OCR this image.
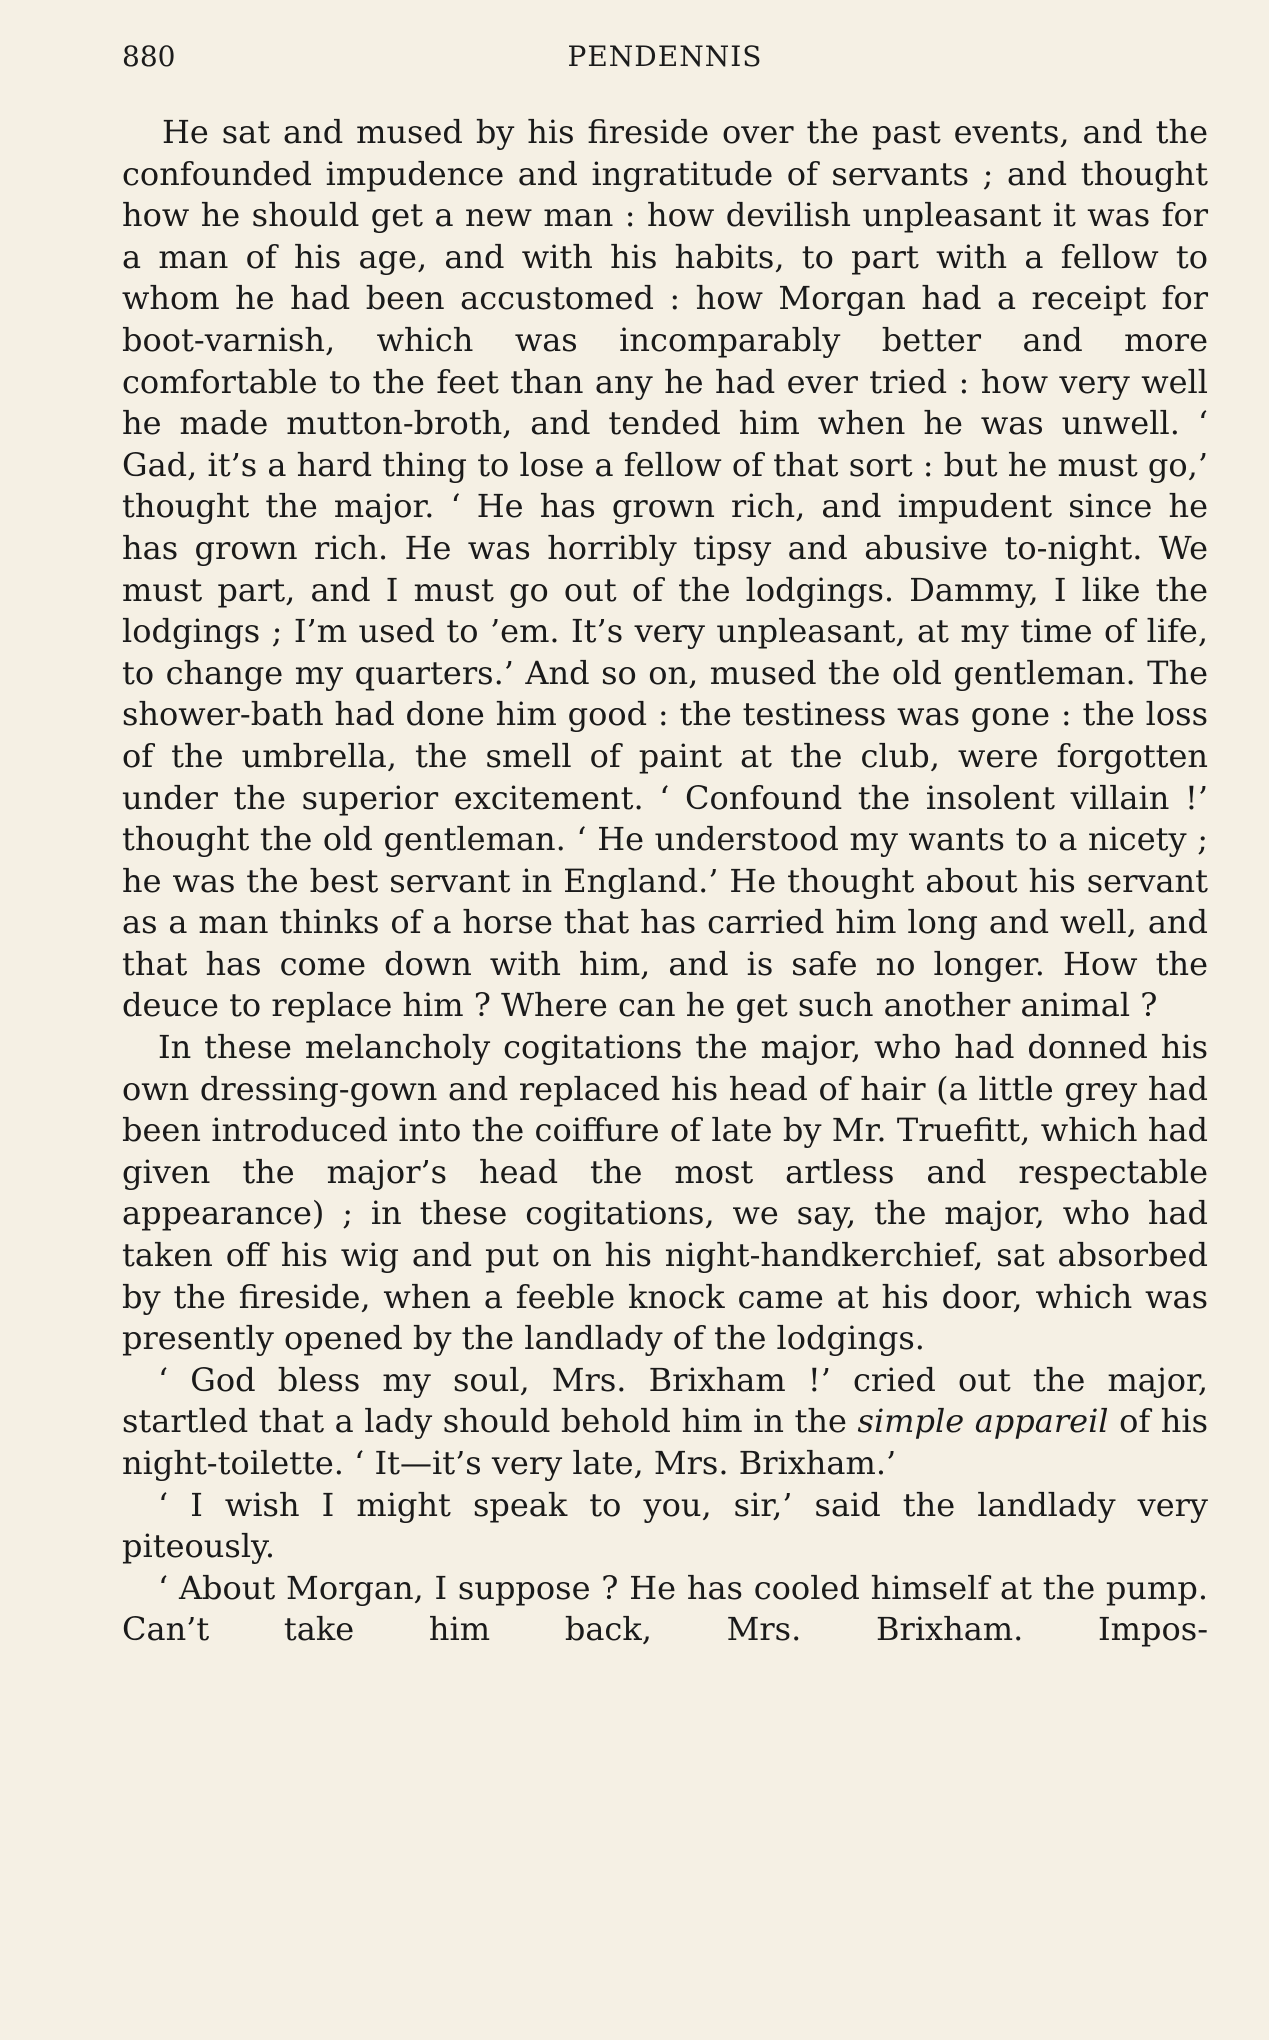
880	PENDENNIS

He sat and mused by his fireside over the past events, and the confounded impudence and ingratitude of servants ; and thought how he should get a new man : how devilish unpleasant it was for a man of his age, and with his habits, to part with a fellow to whom he had been accustomed : how Morgan had a receipt for boot-varnish, which was incomparably better and more comfortable to the feet than any he had ever tried : how very well he made mutton-broth, and tended him when he was unwell. ‘ Gad, it’s a hard thing to lose a fellow of that sort : but he must go,’ thought the major. ‘ He has grown rich, and impudent since he has grown rich. He was horribly tipsy and abusive to-night. We must part, and I must go out of the lodgings. Dammy, I like the lodgings ; I’m used to ’em. It’s very unpleasant, at my time of life, to change my quarters.’ And so on, mused the old gentleman. The shower-bath had done him good : the testiness was gone : the loss of the umbrella, the smell of paint at the club, were forgotten under the superior excitement. ‘ Confound the insolent villain !’ thought the old gentleman. ‘ He understood my wants to a nicety ; he was the best servant in England.’ He thought about his servant as a man thinks of a horse that has carried him long and well, and that has come down with him, and is safe no longer. How the deuce to replace him ? Where can he get such another animal ?

In these melancholy cogitations the major, who had donned his own dressing-gown and replaced his head of hair (a little grey had been introduced into the coiffure of late by Mr. Truefitt, which had given the major’s head the most artless and respectable appearance) ; in these cogitations, we say, the major, who had taken off his wig and put on his night-handkerchief, sat absorbed by the fireside, when a feeble knock came at his door, which was presently opened by the landlady of the lodgings.

‘ God bless my soul, Mrs. Brixham !’ cried out the major, startled that a lady should behold him in the simple appareil of his night-toilette. ‘ It—it’s very late, Mrs. Brixham.’

‘ I wish I might speak to you, sir,’ said the landlady very piteously.

‘ About Morgan, I suppose ? He has cooled himself at the pump. Can’t take him back, Mrs. Brixham. Impos-
